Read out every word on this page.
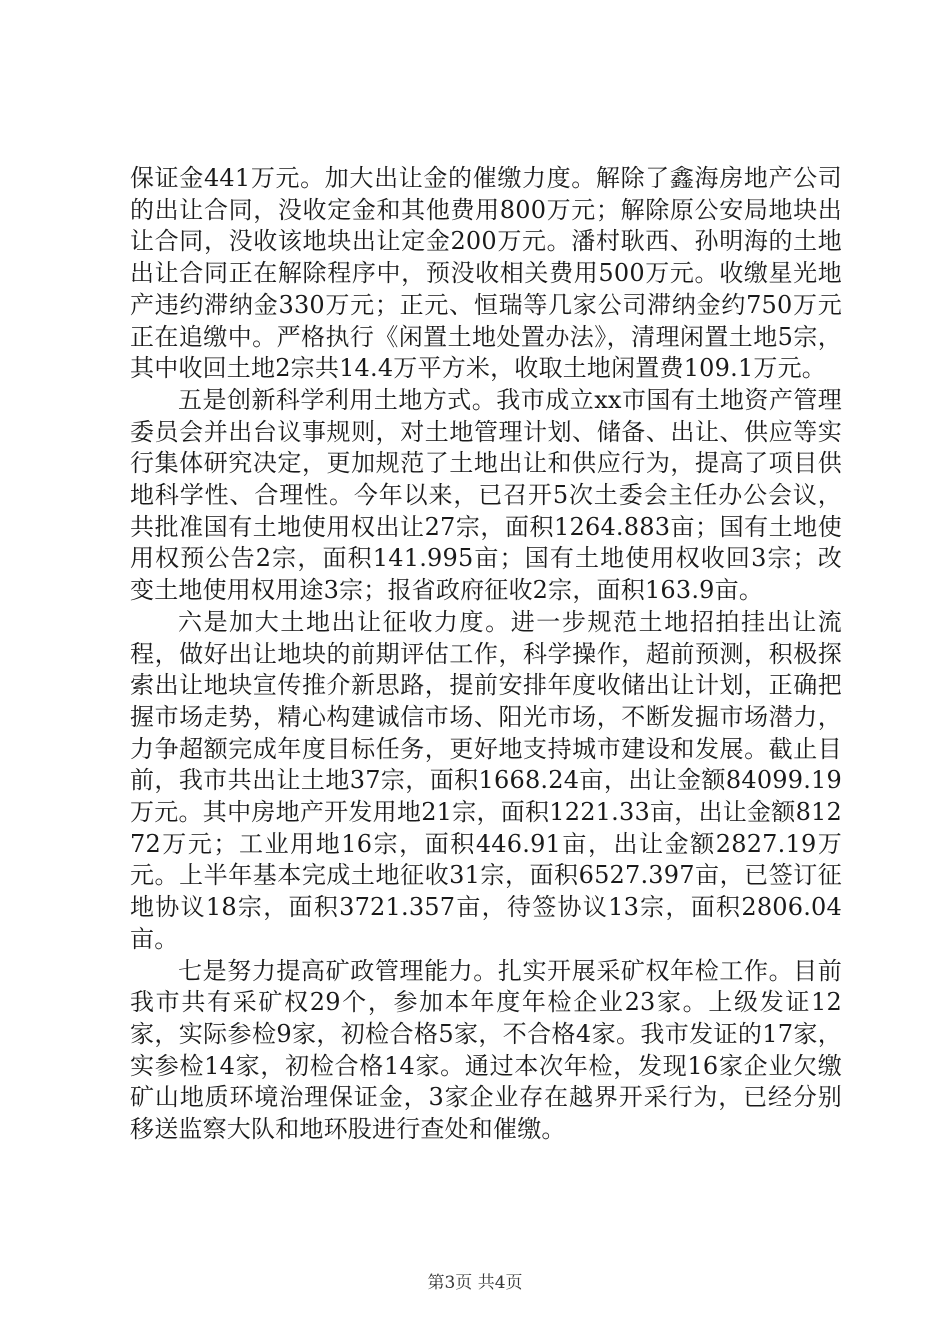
保证金441万元。加大出让金的催缴力度。解除了鑫海房地产公司的出让合同，没收定金和其他费用800万元；解除原公安局地块出让合同，没收该地块出让定金200万元。潘村耿西、孙明海的土地出让合同正在解除程序中，预没收相关费用500万元。收缴星光地产违约滞纳金330万元；正元、恒瑞等几家公司滞纳金约750万元正在追缴中。严格执行《闲置土地处置办法》，清理闲置土地5宗，其中收回土地2宗共14.4万平方米，收取土地闲置费109.1万元。

五是创新科学利用土地方式。我市成立xx市国有土地资产管理委员会并出台议事规则，对土地管理计划、储备、出让、供应等实行集体研究决定，更加规范了土地出让和供应行为，提高了项目供地科学性、合理性。今年以来，已召开5次土委会主任办公会议，共批准国有土地使用权出让27宗，面积1264.883亩；国有土地使用权预公告2宗，面积141.995亩；国有土地使用权收回3宗；改变土地使用权用途3宗；报省政府征收2宗，面积163.9亩。

六是加大土地出让征收力度。进一步规范土地招拍挂出让流程，做好出让地块的前期评估工作，科学操作，超前预测，积极探索出让地块宣传推介新思路，提前安排年度收储出让计划，正确把握市场走势，精心构建诚信市场、阳光市场，不断发掘市场潜力，力争超额完成年度目标任务，更好地支持城市建设和发展。截止目前，我市共出让土地37宗，面积1668.24亩，出让金额84099.19万元。其中房地产开发用地21宗，面积1221.33亩，出让金额81272万元；工业用地16宗，面积446.91亩，出让金额2827.19万元。上半年基本完成土地征收31宗，面积6527.397亩，已签订征地协议18宗，面积3721.357亩，待签协议13宗，面积2806.04亩。

七是努力提高矿政管理能力。扎实开展采矿权年检工作。目前我市共有采矿权29个，参加本年度年检企业23家。上级发证12家，实际参检9家，初检合格5家，不合格4家。我市发证的17家，实参检14家，初检合格14家。通过本次年检，发现16家企业欠缴矿山地质环境治理保证金，3家企业存在越界开采行为，已经分别移送监察大队和地环股进行查处和催缴。

第3页 共4页
